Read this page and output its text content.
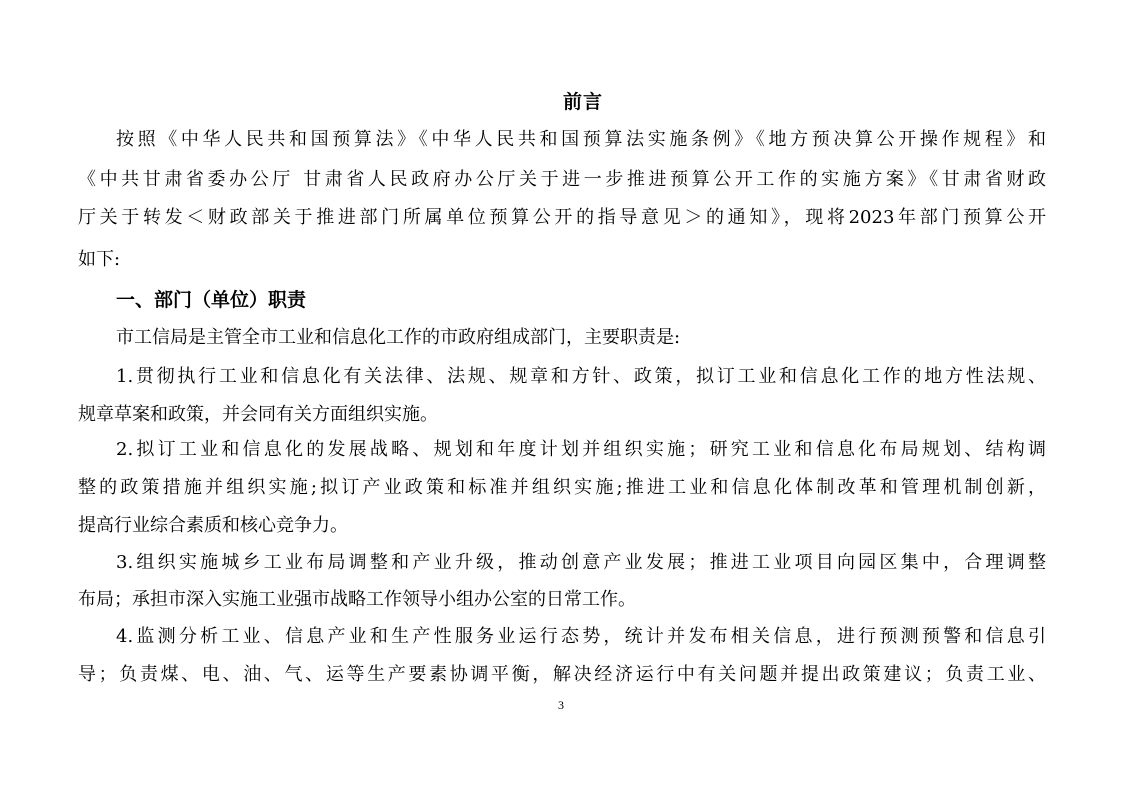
前言
按照《中华人民共和国预算法》《中华人民共和国预算法实施条例》《地方预决算公开操作规程》和
《中共甘肃省委办公厅 甘肃省人民政府办公厅关于进一步推进预算公开工作的实施方案》《甘肃省财政
厅关于转发＜财政部关于推进部门所属单位预算公开的指导意见＞的通知》，现将2023年部门预算公开
如下:
一、部门（单位）职责
市工信局是主管全市工业和信息化工作的市政府组成部门，主要职责是:
1.贯彻执行工业和信息化有关法律、法规、规章和方针、政策，拟订工业和信息化工作的地方性法规、
规章草案和政策，并会同有关方面组织实施。
2.拟订工业和信息化的发展战略、规划和年度计划并组织实施；研究工业和信息化布局规划、结构调
整的政策措施并组织实施;拟订产业政策和标准并组织实施;推进工业和信息化体制改革和管理机制创新，
提高行业综合素质和核心竞争力。
3.组织实施城乡工业布局调整和产业升级，推动创意产业发展；推进工业项目向园区集中，合理调整
布局；承担市深入实施工业强市战略工作领导小组办公室的日常工作。
4.监测分析工业、信息产业和生产性服务业运行态势，统计并发布相关信息，进行预测预警和信息引
导；负责煤、电、油、气、运等生产要素协调平衡，解决经济运行中有关问题并提出政策建议；负责工业、
3
